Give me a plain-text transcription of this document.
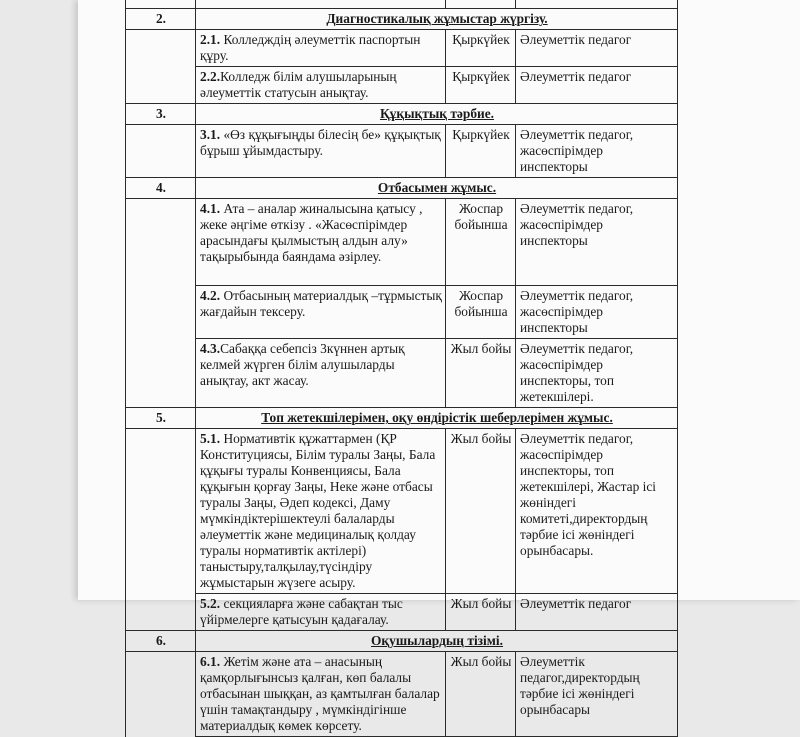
2.	Диагностикалық жұмыстар жүргізу.		
	2.1. Колледждің әлеуметтік паспортын құру.	Қыркүйек	Әлеуметтік педагог
	2.2.Колледж білім алушыларының әлеуметтік статусын анықтау.	Қыркүйек	Әлеуметтік педагог
3.	Құқықтық тәрбие.		
	3.1. «Өз құқығыңды білесің бе» құқықтық бұрыш ұйымдастыру.	Қыркүйек	Әлеуметтік педагог, жасөспірімдер инспекторы
4.	Отбасымен жұмыс.		
	4.1. Ата – аналар жиналысына қатысу , жеке әңгіме өткізу . «Жасөспірімдер арасындағы қылмыстың алдын алу» тақырыбында баяндама әзірлеу.	Жоспар бойынша	Әлеуметтік педагог, жасөспірімдер инспекторы
	4.2. Отбасының материалдық –тұрмыстық жағдайын тексеру.	Жоспар бойынша	Әлеуметтік педагог, жасөспірімдер инспекторы
	4.3.Сабаққа себепсіз 3күннен артық келмей жүрген білім алушыларды анықтау, акт жасау.	Жыл бойы	Әлеуметтік педагог, жасөспірімдер инспекторы, топ жетекшілері.
5.	Топ жетекшілерімен, оқу өндірістік шеберлерімен жұмыс.		
	5.1. Нормативтік құжаттармен (ҚР Конституциясы, Білім туралы Заңы, Бала құқығы туралы Конвенциясы, Бала құқығын қорғау Заңы, Неке және отбасы туралы Заңы, Әдеп кодексі, Даму мүмкіндіктерішектеулі балаларды әлеуметтік және медициналық қолдау туралы нормативтік актілері) таныстыру,талқылау,түсіндіру жұмыстарын жүзеге асыру.	Жыл бойы	Әлеуметтік педагог, жасөспірімдер инспекторы, топ жетекшілері, Жастар ісі жөніндегі комитеті,директордың тәрбие ісі жөніндегі орынбасары.
	5.2. секцияларға және сабақтан тыс үйірмелерге қатысуын қадағалау.	Жыл бойы	Әлеуметтік педагог
6.	Оқушылардың тізімі.		
	6.1. Жетім және ата – анасының қамқорлығынсыз қалған, көп балалы отбасынан шыққан, аз қамтылған балалар үшін тамақтандыру , мүмкіндігінше материалдық көмек көрсету.	Жыл бойы	Әлеуметтік педагог,директордың тәрбие ісі жөніндегі орынбасары
